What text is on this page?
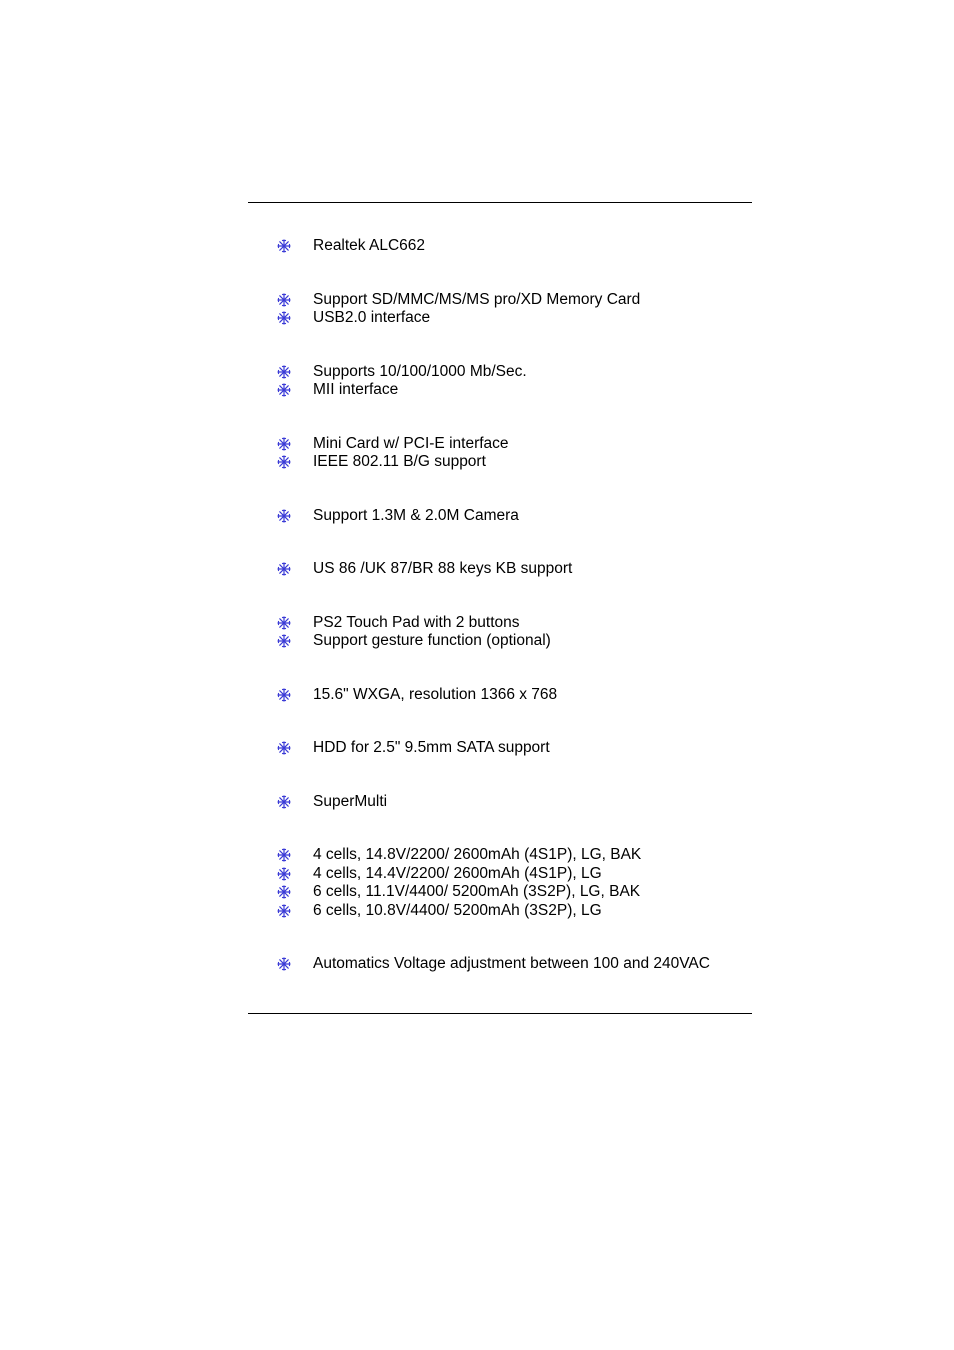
Realtek ALC662
Support SD/MMC/MS/MS pro/XD Memory Card
USB2.0 interface
Supports 10/100/1000 Mb/Sec.
MII interface
Mini Card w/ PCI-E interface
IEEE 802.11 B/G support
Support 1.3M & 2.0M Camera
US 86 /UK 87/BR 88 keys KB support
PS2 Touch Pad with 2 buttons
Support gesture function (optional)
15.6" WXGA, resolution 1366 x 768
HDD for 2.5" 9.5mm SATA support
SuperMulti
4 cells, 14.8V/2200/ 2600mAh (4S1P), LG, BAK
4 cells, 14.4V/2200/ 2600mAh (4S1P), LG
6 cells, 11.1V/4400/ 5200mAh (3S2P), LG, BAK
6 cells, 10.8V/4400/ 5200mAh (3S2P), LG
Automatics Voltage adjustment between 100 and 240VAC
